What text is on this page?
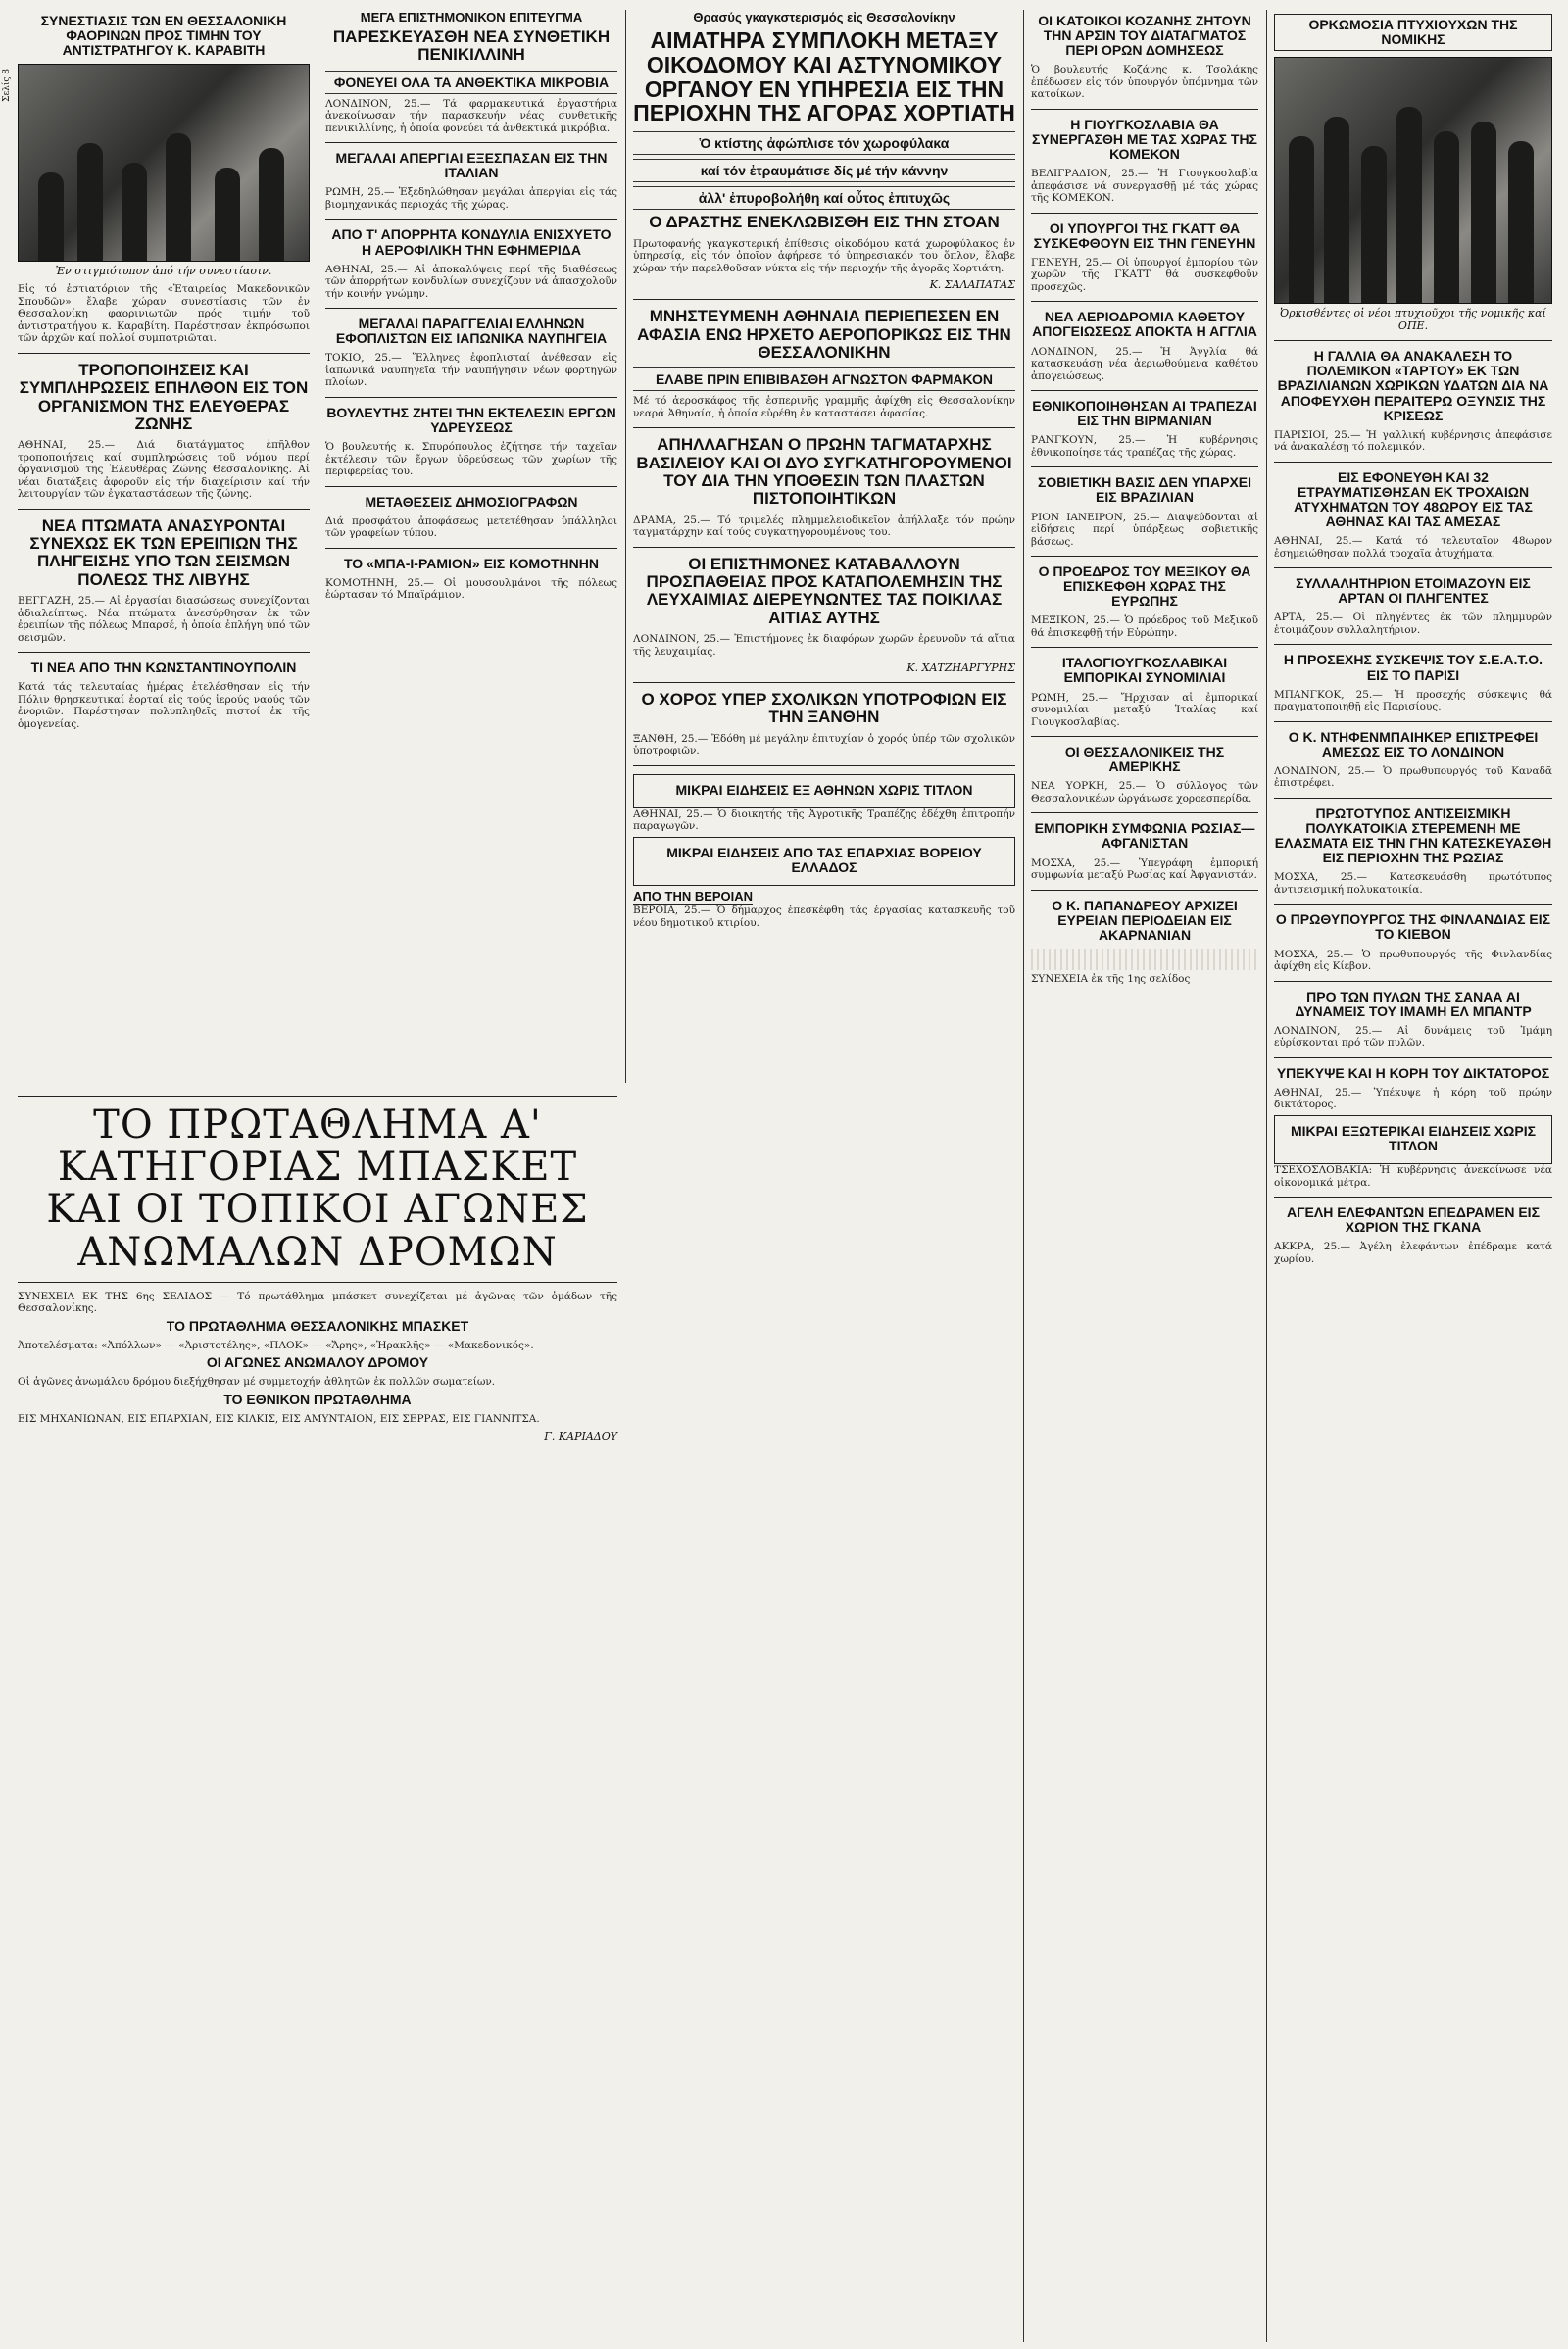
ΣΥΝΕΣΤΙΑΣΙΣ ΤΩΝ ΕΝ ΘΕΣΣΑΛΟΝΙΚΗ ΦΑΟΡΙΝΩΝ ΠΡΟΣ ΤΙΜΗΝ ΤΟΥ ΑΝΤΙΣΤΡΑΤΗΓΟΥ Κ. ΚΑΡΑΒΙΤΗ
Ἐν στιγμιότυπον ἀπό τήν συνεστίασιν.

Εἰς τό ἑστιατόριον τῆς «Ἑταιρείας Μακεδονικῶν Σπουδῶν» ἔλαβε χώραν συνεστίασις τῶν ἐν Θεσσαλονίκῃ φαορινιωτῶν πρός τιμήν τοῦ ἀντιστρατήγου κ. Καραβίτη. Παρέστησαν ἐκπρόσωποι τῶν ἀρχῶν καί πολλοί συμπατριῶται.

ΤΡΟΠΟΠΟΙΗΣΕΙΣ ΚΑΙ ΣΥΜΠΛΗΡΩΣΕΙΣ ΕΠΗΛΘΟΝ ΕΙΣ ΤΟΝ ΟΡΓΑΝΙΣΜΟΝ ΤΗΣ ΕΛΕΥΘΕΡΑΣ ΖΩΝΗΣ

ΑΘΗΝΑΙ, 25.— Διά διατάγματος ἐπῆλθον τροποποιήσεις καί συμπληρώσεις τοῦ νόμου περί ὀργανισμοῦ τῆς Ἐλευθέρας Ζώνης Θεσσαλονίκης. Αἱ νέαι διατάξεις ἀφοροῦν εἰς τήν διαχείρισιν καί τήν λειτουργίαν τῶν ἐγκαταστάσεων τῆς ζώνης.

ΝΕΑ ΠΤΩΜΑΤΑ ΑΝΑΣΥΡΟΝΤΑΙ ΣΥΝΕΧΩΣ ΕΚ ΤΩΝ ΕΡΕΙΠΙΩΝ ΤΗΣ ΠΛΗΓΕΙΣΗΣ ΥΠΟ ΤΩΝ ΣΕΙΣΜΩΝ ΠΟΛΕΩΣ ΤΗΣ ΛΙΒΥΗΣ

ΒΕΓΓΑΖΗ, 25.— Αἱ ἐργασίαι διασώσεως συνεχίζονται ἀδιαλείπτως. Νέα πτώματα ἀνεσύρθησαν ἐκ τῶν ἐρειπίων τῆς πόλεως Μπαρσέ, ἡ ὁποία ἐπλήγη ὑπό τῶν σεισμῶν.

ΤΙ ΝΕΑ ΑΠΟ ΤΗΝ ΚΩΝΣΤΑΝΤΙΝΟΥΠΟΛΙΝ

Κατά τάς τελευταίας ἡμέρας ἐτελέσθησαν εἰς τήν Πόλιν θρησκευτικαί ἑορταί εἰς τούς ἱερούς ναούς τῶν ἐνοριῶν. Παρέστησαν πολυπληθεῖς πιστοί ἐκ τῆς ὁμογενείας.

ΜΕΓΑ ΕΠΙΣΤΗΜΟΝΙΚΟΝ ΕΠΙΤΕΥΓΜΑ
ΠΑΡΕΣΚΕΥΑΣΘΗ ΝΕΑ ΣΥΝΘΕΤΙΚΗ ΠΕΝΙΚΙΛΛΙΝΗ
ΦΟΝΕΥΕΙ ΟΛΑ ΤΑ ΑΝΘΕΚΤΙΚΑ ΜΙΚΡΟΒΙΑ

ΛΟΝΔΙΝΟΝ, 25.— Τά φαρμακευτικά ἐργαστήρια ἀνεκοίνωσαν τήν παρασκευήν νέας συνθετικῆς πενικιλλίνης, ἡ ὁποία φονεύει τά ἀνθεκτικά μικρόβια.

ΜΕΓΑΛΑΙ ΑΠΕΡΓΙΑΙ ΕΞΕΣΠΑΣΑΝ ΕΙΣ ΤΗΝ ΙΤΑΛΙΑΝ

ΡΩΜΗ, 25.— Ἐξεδηλώθησαν μεγάλαι ἀπεργίαι εἰς τάς βιομηχανικάς περιοχάς τῆς χώρας.

ΑΠΟ Τ' ΑΠΟΡΡΗΤΑ ΚΟΝΔΥΛΙΑ ΕΝΙΣΧΥΕΤΟ Η ΑΕΡΟΦΙΛΙΚΗ ΤΗΝ ΕΦΗΜΕΡΙΔΑ

ΑΘΗΝΑΙ, 25.— Αἱ ἀποκαλύψεις περί τῆς διαθέσεως τῶν ἀπορρήτων κονδυλίων συνεχίζουν νά ἀπασχολοῦν τήν κοινήν γνώμην.

ΜΕΓΑΛΑΙ ΠΑΡΑΓΓΕΛΙΑΙ ΕΛΛΗΝΩΝ ΕΦΟΠΛΙΣΤΩΝ ΕΙΣ ΙΑΠΩΝΙΚΑ ΝΑΥΠΗΓΕΙΑ

ΤΟΚΙΟ, 25.— Ἕλληνες ἐφοπλισταί ἀνέθεσαν εἰς ἰαπωνικά ναυπηγεῖα τήν ναυπήγησιν νέων φορτηγῶν πλοίων.

ΒΟΥΛΕΥΤΗΣ ΖΗΤΕΙ ΤΗΝ ΕΚΤΕΛΕΣΙΝ ΕΡΓΩΝ ΥΔΡΕΥΣΕΩΣ

Ὁ βουλευτής κ. Σπυρόπουλος ἐζήτησε τήν ταχεῖαν ἐκτέλεσιν τῶν ἔργων ὑδρεύσεως τῶν χωρίων τῆς περιφερείας του.

ΜΕΤΑΘΕΣΕΙΣ ΔΗΜΟΣΙΟΓΡΑΦΩΝ

Διά προσφάτου ἀποφάσεως μετετέθησαν ὑπάλληλοι τῶν γραφείων τύπου.

ΤΟ «ΜΠΑ-Ι-ΡΑΜΙΟΝ» ΕΙΣ ΚΟΜΟΤΗΝΗΝ

ΚΟΜΟΤΗΝΗ, 25.— Οἱ μουσουλμάνοι τῆς πόλεως ἑώρτασαν τό Μπαϊράμιον.

Θρασύς γκαγκστερισμός εἰς Θεσσαλονίκην
ΑΙΜΑΤΗΡΑ ΣΥΜΠΛΟΚΗ ΜΕΤΑΞΥ ΟΙΚΟΔΟΜΟΥ ΚΑΙ ΑΣΤΥΝΟΜΙΚΟΥ ΟΡΓΑΝΟΥ ΕΝ ΥΠΗΡΕΣΙΑ ΕΙΣ ΤΗΝ ΠΕΡΙΟΧΗΝ ΤΗΣ ΑΓΟΡΑΣ ΧΟΡΤΙΑΤΗ
Ὁ κτίστης ἀφώπλισε τόν χωροφύλακα
καί τόν ἐτραυμάτισε δίς μέ τήν κάννην
ἀλλ' ἐπυροβολήθη καί οὗτος ἐπιτυχῶς
Ο ΔΡΑΣΤΗΣ ΕΝΕΚΛΩΒΙΣΘΗ ΕΙΣ ΤΗΝ ΣΤΟΑΝ

Πρωτοφανής γκαγκστερική ἐπίθεσις οἰκοδόμου κατά χωροφύλακος ἐν ὑπηρεσίᾳ, εἰς τόν ὁποῖον ἀφήρεσε τό ὑπηρεσιακόν του ὅπλον, ἔλαβε χώραν τήν παρελθοῦσαν νύκτα εἰς τήν περιοχήν τῆς ἀγορᾶς Χορτιάτη.

Κ. ΣΑΛΑΠΑΤΑΣ
ΜΝΗΣΤΕΥΜΕΝΗ ΑΘΗΝΑΙΑ ΠΕΡΙΕΠΕΣΕΝ ΕΝ ΑΦΑΣΙΑ ΕΝΩ ΗΡΧΕΤΟ ΑΕΡΟΠΟΡΙΚΩΣ ΕΙΣ ΤΗΝ ΘΕΣΣΑΛΟΝΙΚΗΝ
ΕΛΑΒΕ ΠΡΙΝ ΕΠΙΒΙΒΑΣΘΗ ΑΓΝΩΣΤΟΝ ΦΑΡΜΑΚΟΝ

Μέ τό ἀεροσκάφος τῆς ἑσπερινῆς γραμμῆς ἀφίχθη εἰς Θεσσαλονίκην νεαρά Ἀθηναία, ἡ ὁποία εὑρέθη ἐν καταστάσει ἀφασίας.

ΑΠΗΛΛΑΓΗΣΑΝ Ο ΠΡΩΗΝ ΤΑΓΜΑΤΑΡΧΗΣ ΒΑΣΙΛΕΙΟΥ ΚΑΙ ΟΙ ΔΥΟ ΣΥΓΚΑΤΗΓΟΡΟΥΜΕΝΟΙ ΤΟΥ ΔΙΑ ΤΗΝ ΥΠΟΘΕΣΙΝ ΤΩΝ ΠΛΑΣΤΩΝ ΠΙΣΤΟΠΟΙΗΤΙΚΩΝ

ΔΡΑΜΑ, 25.— Τό τριμελές πλημμελειοδικεῖον ἀπήλλαξε τόν πρώην ταγματάρχην καί τούς συγκατηγορουμένους του.

ΟΙ ΕΠΙΣΤΗΜΟΝΕΣ ΚΑΤΑΒΑΛΛΟΥΝ ΠΡΟΣΠΑΘΕΙΑΣ ΠΡΟΣ ΚΑΤΑΠΟΛΕΜΗΣΙΝ ΤΗΣ ΛΕΥΧΑΙΜΙΑΣ ΔΙΕΡΕΥΝΩΝΤΕΣ ΤΑΣ ΠΟΙΚΙΛΑΣ ΑΙΤΙΑΣ ΑΥΤΗΣ

ΛΟΝΔΙΝΟΝ, 25.— Ἐπιστήμονες ἐκ διαφόρων χωρῶν ἐρευνοῦν τά αἴτια τῆς λευχαιμίας.

Κ. ΧΑΤΖΗΑΡΓΥΡΗΣ
Ο ΧΟΡΟΣ ΥΠΕΡ ΣΧΟΛΙΚΩΝ ΥΠΟΤΡΟΦΙΩΝ ΕΙΣ ΤΗΝ ΞΑΝΘΗΝ

ΞΑΝΘΗ, 25.— Ἐδόθη μέ μεγάλην ἐπιτυχίαν ὁ χορός ὑπέρ τῶν σχολικῶν ὑποτροφιῶν.

ΜΙΚΡΑΙ ΕΙΔΗΣΕΙΣ ΕΞ ΑΘΗΝΩΝ ΧΩΡΙΣ ΤΙΤΛΟΝ

ΑΘΗΝΑΙ, 25.— Ὁ διοικητής τῆς Ἀγροτικῆς Τραπέζης ἐδέχθη ἐπιτροπήν παραγωγῶν.

ΜΙΚΡΑΙ ΕΙΔΗΣΕΙΣ ΑΠΟ ΤΑΣ ΕΠΑΡΧΙΑΣ ΒΟΡΕΙΟΥ ΕΛΛΑΔΟΣ
ΑΠΟ ΤΗΝ ΒΕΡΟΙΑΝ

ΒΕΡΟΙΑ, 25.— Ὁ δήμαρχος ἐπεσκέφθη τάς ἐργασίας κατασκευῆς τοῦ νέου δημοτικοῦ κτιρίου.

ΟΙ ΚΑΤΟΙΚΟΙ ΚΟΖΑΝΗΣ ΖΗΤΟΥΝ ΤΗΝ ΑΡΣΙΝ ΤΟΥ ΔΙΑΤΑΓΜΑΤΟΣ ΠΕΡΙ ΟΡΩΝ ΔΟΜΗΣΕΩΣ

Ὁ βουλευτής Κοζάνης κ. Τσολάκης ἐπέδωσεν εἰς τόν ὑπουργόν ὑπόμνημα τῶν κατοίκων.

Η ΓΙΟΥΓΚΟΣΛΑΒΙΑ ΘΑ ΣΥΝΕΡΓΑΣΘΗ ΜΕ ΤΑΣ ΧΩΡΑΣ ΤΗΣ ΚΟΜΕΚΟΝ

ΒΕΛΙΓΡΑΔΙΟΝ, 25.— Ἡ Γιουγκοσλαβία ἀπεφάσισε νά συνεργασθῇ μέ τάς χώρας τῆς ΚΟΜΕΚΟΝ.

ΟΙ ΥΠΟΥΡΓΟΙ ΤΗΣ ΓΚΑΤΤ ΘΑ ΣΥΣΚΕΦΘΟΥΝ ΕΙΣ ΤΗΝ ΓΕΝΕΥΗΝ

ΓΕΝΕΥΗ, 25.— Οἱ ὑπουργοί ἐμπορίου τῶν χωρῶν τῆς ΓΚΑΤΤ θά συσκεφθοῦν προσεχῶς.

ΝΕΑ ΑΕΡΙΟΔΡΟΜΙΑ ΚΑΘΕΤΟΥ ΑΠΟΓΕΙΩΣΕΩΣ ΑΠΟΚΤΑ Η ΑΓΓΛΙΑ

ΛΟΝΔΙΝΟΝ, 25.— Ἡ Ἀγγλία θά κατασκευάσῃ νέα ἀεριωθούμενα καθέτου ἀπογειώσεως.

ΕΘΝΙΚΟΠΟΙΗΘΗΣΑΝ ΑΙ ΤΡΑΠΕΖΑΙ ΕΙΣ ΤΗΝ ΒΙΡΜΑΝΙΑΝ

ΡΑΝΓΚΟΥΝ, 25.— Ἡ κυβέρνησις ἐθνικοποίησε τάς τραπέζας τῆς χώρας.

ΣΟΒΙΕΤΙΚΗ ΒΑΣΙΣ ΔΕΝ ΥΠΑΡΧΕΙ ΕΙΣ ΒΡΑΖΙΛΙΑΝ

ΡΙΟΝ ΙΑΝΕΙΡΟΝ, 25.— Διαψεύδονται αἱ εἰδήσεις περί ὑπάρξεως σοβιετικῆς βάσεως.

Ο ΠΡΟΕΔΡΟΣ ΤΟΥ ΜΕΞΙΚΟΥ ΘΑ ΕΠΙΣΚΕΦΘΗ ΧΩΡΑΣ ΤΗΣ ΕΥΡΩΠΗΣ

ΜΕΞΙΚΟΝ, 25.— Ὁ πρόεδρος τοῦ Μεξικοῦ θά ἐπισκεφθῇ τήν Εὐρώπην.

ΙΤΑΛΟΓΙΟΥΓΚΟΣΛΑΒΙΚΑΙ ΕΜΠΟΡΙΚΑΙ ΣΥΝΟΜΙΛΙΑΙ

ΡΩΜΗ, 25.— Ἤρχισαν αἱ ἐμπορικαί συνομιλίαι μεταξύ Ἰταλίας καί Γιουγκοσλαβίας.

ΟΙ ΘΕΣΣΑΛΟΝΙΚΕΙΣ ΤΗΣ ΑΜΕΡΙΚΗΣ

ΝΕΑ ΥΟΡΚΗ, 25.— Ὁ σύλλογος τῶν Θεσσαλονικέων ὠργάνωσε χοροεσπερίδα.

ΕΜΠΟΡΙΚΗ ΣΥΜΦΩΝΙΑ ΡΩΣΙΑΣ—ΑΦΓΑΝΙΣΤΑΝ

ΜΟΣΧΑ, 25.— Ὑπεγράφη ἐμπορική συμφωνία μεταξύ Ρωσίας καί Ἀφγανιστάν.

Ο Κ. ΠΑΠΑΝΔΡΕΟΥ ΑΡΧΙΖΕΙ ΕΥΡΕΙΑΝ ΠΕΡΙΟΔΕΙΑΝ ΕΙΣ ΑΚΑΡΝΑΝΙΑΝ

ΣΥΝΕΧΕΙΑ ἐκ τῆς 1ης σελίδος

ΟΡΚΩΜΟΣΙΑ ΠΤΥΧΙΟΥΧΩΝ ΤΗΣ ΝΟΜΙΚΗΣ
Ὀρκισθέντες οἱ νέοι πτυχιοῦχοι τῆς νομικῆς καί ΟΠΕ.
Η ΓΑΛΛΙΑ ΘΑ ΑΝΑΚΑΛΕΣΗ ΤΟ ΠΟΛΕΜΙΚΟΝ «ΤΑΡΤΟΥ» ΕΚ ΤΩΝ ΒΡΑΖΙΛΙΑΝΩΝ ΧΩΡΙΚΩΝ ΥΔΑΤΩΝ ΔΙΑ ΝΑ ΑΠΟΦΕΥΧΘΗ ΠΕΡΑΙΤΕΡΩ ΟΞΥΝΣΙΣ ΤΗΣ ΚΡΙΣΕΩΣ

ΠΑΡΙΣΙΟΙ, 25.— Ἡ γαλλική κυβέρνησις ἀπεφάσισε νά ἀνακαλέσῃ τό πολεμικόν.

ΕΙΣ ΕΦΟΝΕΥΘΗ ΚΑΙ 32 ΕΤΡΑΥΜΑΤΙΣΘΗΣΑΝ ΕΚ ΤΡΟΧΑΙΩΝ ΑΤΥΧΗΜΑΤΩΝ ΤΟΥ 48ΩΡΟΥ ΕΙΣ ΤΑΣ ΑΘΗΝΑΣ ΚΑΙ ΤΑΣ ΑΜΕΣΑΣ

ΑΘΗΝΑΙ, 25.— Κατά τό τελευταῖον 48ωρον ἐσημειώθησαν πολλά τροχαῖα ἀτυχήματα.

ΣΥΛΛΑΛΗΤΗΡΙΟΝ ΕΤΟΙΜΑΖΟΥΝ ΕΙΣ ΑΡΤΑΝ ΟΙ ΠΛΗΓΕΝΤΕΣ

ΑΡΤΑ, 25.— Οἱ πληγέντες ἐκ τῶν πλημμυρῶν ἑτοιμάζουν συλλαλητήριον.

Η ΠΡΟΣΕΧΗΣ ΣΥΣΚΕΨΙΣ ΤΟΥ Σ.Ε.Α.Τ.Ο. ΕΙΣ ΤΟ ΠΑΡΙΣΙ

ΜΠΑΝΓΚΟΚ, 25.— Ἡ προσεχής σύσκεψις θά πραγματοποιηθῇ εἰς Παρισίους.

Ο Κ. ΝΤΗΦΕΝΜΠΑΙΗΚΕΡ ΕΠΙΣΤΡΕΦΕΙ ΑΜΕΣΩΣ ΕΙΣ ΤΟ ΛΟΝΔΙΝΟΝ

ΛΟΝΔΙΝΟΝ, 25.— Ὁ πρωθυπουργός τοῦ Καναδᾶ ἐπιστρέφει.

ΠΡΩΤΟΤΥΠΟΣ ΑΝΤΙΣΕΙΣΜΙΚΗ ΠΟΛΥΚΑΤΟΙΚΙΑ ΣΤΕΡΕΜΕΝΗ ΜΕ ΕΛΑΣΜΑΤΑ ΕΙΣ ΤΗΝ ΓΗΝ ΚΑΤΕΣΚΕΥΑΣΘΗ ΕΙΣ ΠΕΡΙΟΧΗΝ ΤΗΣ ΡΩΣΙΑΣ

ΜΟΣΧΑ, 25.— Κατεσκευάσθη πρωτότυπος ἀντισεισμική πολυκατοικία.

Ο ΠΡΩΘΥΠΟΥΡΓΟΣ ΤΗΣ ΦΙΝΛΑΝΔΙΑΣ ΕΙΣ ΤΟ ΚΙΕΒΟΝ

ΜΟΣΧΑ, 25.— Ὁ πρωθυπουργός τῆς Φινλανδίας ἀφίχθη εἰς Κίεβον.

ΠΡΟ ΤΩΝ ΠΥΛΩΝ ΤΗΣ ΣΑΝΑΑ ΑΙ ΔΥΝΑΜΕΙΣ ΤΟΥ ΙΜΑΜΗ ΕΛ ΜΠΑΝΤΡ

ΛΟΝΔΙΝΟΝ, 25.— Αἱ δυνάμεις τοῦ Ἰμάμη εὑρίσκονται πρό τῶν πυλῶν.

ΥΠΕΚΥΨΕ ΚΑΙ Η ΚΟΡΗ ΤΟΥ ΔΙΚΤΑΤΟΡΟΣ

ΑΘΗΝΑΙ, 25.— Ὑπέκυψε ἡ κόρη τοῦ πρώην δικτάτορος.

ΜΙΚΡΑΙ ΕΞΩΤΕΡΙΚΑΙ ΕΙΔΗΣΕΙΣ ΧΩΡΙΣ ΤΙΤΛΟΝ

ΤΣΕΧΟΣΛΟΒΑΚΙΑ: Ἡ κυβέρνησις ἀνεκοίνωσε νέα οἰκονομικά μέτρα.

ΑΓΕΛΗ ΕΛΕΦΑΝΤΩΝ ΕΠΕΔΡΑΜΕΝ ΕΙΣ ΧΩΡΙΟΝ ΤΗΣ ΓΚΑΝΑ

ΑΚΚΡΑ, 25.— Ἀγέλη ἐλεφάντων ἐπέδραμε κατά χωρίου.

ΤΟ ΠΡΩΤΑΘΛΗΜΑ Α' ΚΑΤΗΓΟΡΙΑΣ ΜΠΑΣΚΕΤ ΚΑΙ ΟΙ ΤΟΠΙΚΟΙ ΑΓΩΝΕΣ ΑΝΩΜΑΛΩΝ ΔΡΟΜΩΝ

ΣΥΝΕΧΕΙΑ ΕΚ ΤΗΣ 6ης ΣΕΛΙΔΟΣ — Τό πρωτάθλημα μπάσκετ συνεχίζεται μέ ἀγῶνας τῶν ὁμάδων τῆς Θεσσαλονίκης.

ΤΟ ΠΡΩΤΑΘΛΗΜΑ ΘΕΣΣΑΛΟΝΙΚΗΣ ΜΠΑΣΚΕΤ

Ἀποτελέσματα: «Ἀπόλλων» — «Ἀριστοτέλης», «ΠΑΟΚ» — «Ἄρης», «Ἡρακλῆς» — «Μακεδονικός».

ΟΙ ΑΓΩΝΕΣ ΑΝΩΜΑΛΟΥ ΔΡΟΜΟΥ

Οἱ ἀγῶνες ἀνωμάλου δρόμου διεξήχθησαν μέ συμμετοχήν ἀθλητῶν ἐκ πολλῶν σωματείων.

ΤΟ ΕΘΝΙΚΟΝ ΠΡΩΤΑΘΛΗΜΑ

ΕΙΣ ΜΗΧΑΝΙΩΝΑΝ, ΕΙΣ ΕΠΑΡΧΙΑΝ, ΕΙΣ ΚΙΛΚΙΣ, ΕΙΣ ΑΜΥΝΤΑΙΟΝ, ΕΙΣ ΣΕΡΡΑΣ, ΕΙΣ ΓΙΑΝΝΙΤΣΑ.

Γ. ΚΑΡΙΑΔΟΥ
Σελίς 8
